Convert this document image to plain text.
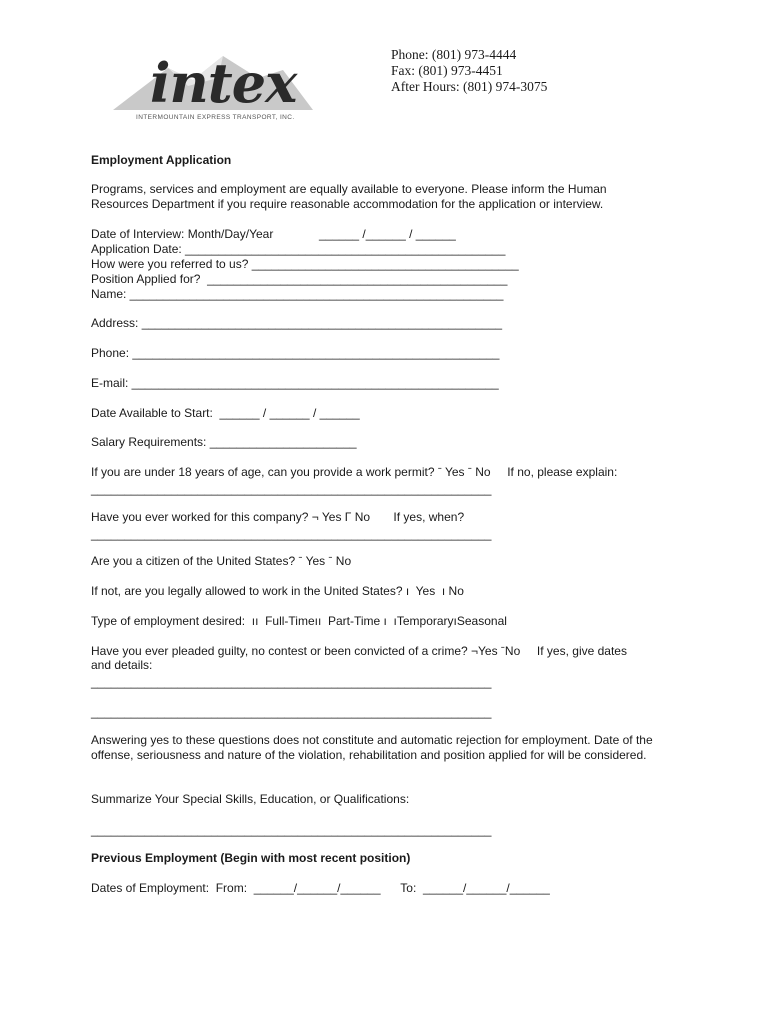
intex
INTERMOUNTAIN EXPRESS TRANSPORT, INC.
Phone: (801) 973-4444
Fax: (801) 973-4451
After Hours: (801) 974-3075
Employment Application
Programs, services and employment are equally available to everyone. Please inform the Human Resources Department if you require reasonable accommodation for the application or interview.
Date of Interview: Month/Day/Year	______ /______ / ______
Application Date: ________________________________________________
How were you referred to us? ________________________________________
Position Applied for?  _____________________________________________
Name: ________________________________________________________
Address: ______________________________________________________
Phone: _______________________________________________________
E-mail: _______________________________________________________
Date Available to Start:  ______ / ______ / ______
Salary Requirements: ______________________
If you are under 18 years of age, can you provide a work permit? ˉ Yes ˉ No     If no, please explain:
____________________________________________________________
Have you ever worked for this company? ¬ Yes Γ No       If yes, when?
____________________________________________________________
Are you a citizen of the United States? ˉ Yes ˉ No
If not, are you legally allowed to work in the United States? ı  Yes  ı No
Type of employment desired:  ıı  Full-Timeıı  Part-Time ı  ıTemporaryıSeasonal
Have you ever pleaded guilty, no contest or been convicted of a crime? ¬Yes ˉNo     If yes, give dates
and details:
____________________________________________________________
____________________________________________________________
Answering yes to these questions does not constitute and automatic rejection for employment. Date of the offense, seriousness and nature of the violation, rehabilitation and position applied for will be considered.
Summarize Your Special Skills, Education, or Qualifications:
____________________________________________________________
Previous Employment (Begin with most recent position)
Dates of Employment:  From:  ______/______/______      To:  ______/______/______
